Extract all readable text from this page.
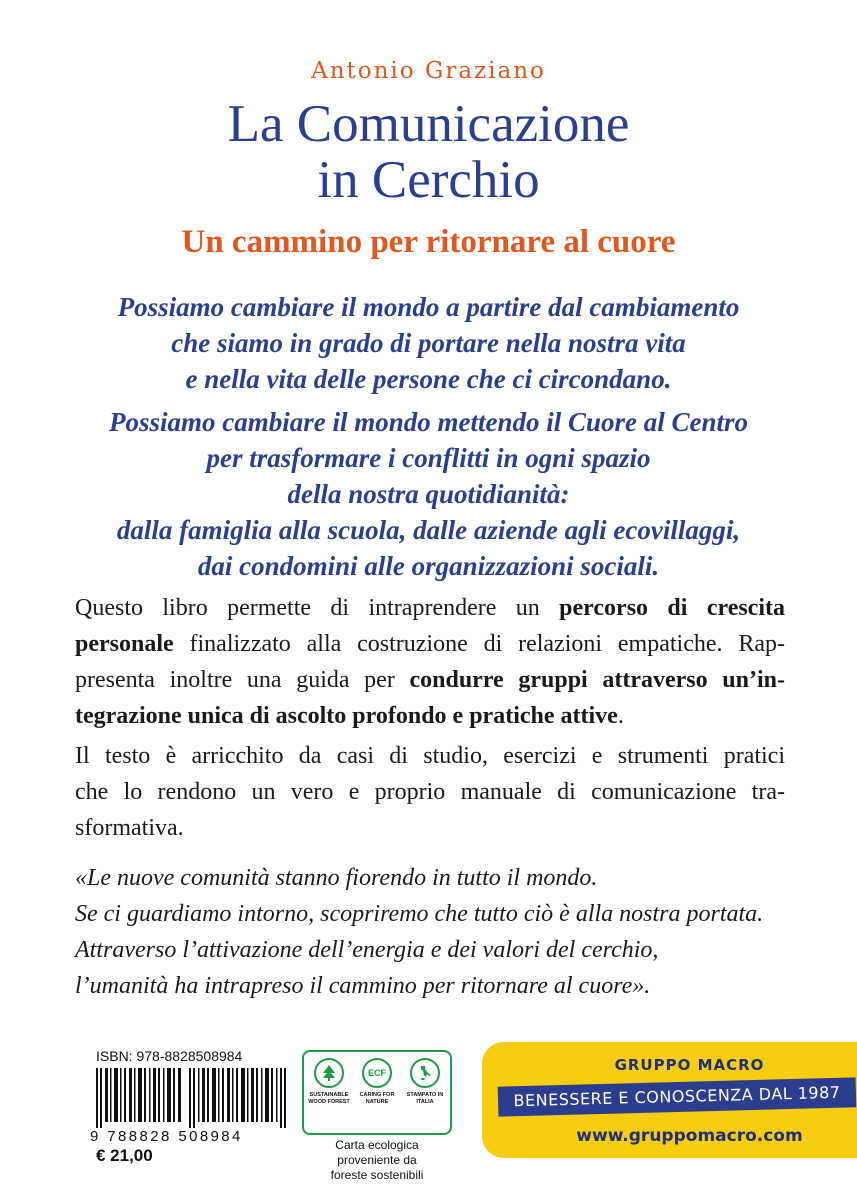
Antonio Graziano
La Comunicazione
in Cerchio
Un cammino per ritornare al cuore
Possiamo cambiare il mondo a partire dal cambiamento
che siamo in grado di portare nella nostra vita
e nella vita delle persone che ci circondano.
Possiamo cambiare il mondo mettendo il Cuore al Centro
per trasformare i conflitti in ogni spazio
della nostra quotidianità:
dalla famiglia alla scuola, dalle aziende agli ecovillaggi,
dai condomini alle organizzazioni sociali.
Questo libro permette di intraprendere un percorso di crescita
personale finalizzato alla costruzione di relazioni empatiche. Rap-
presenta inoltre una guida per condurre gruppi attraverso un’in-
tegrazione unica di ascolto profondo e pratiche attive.
Il testo è arricchito da casi di studio, esercizi e strumenti pratici
che lo rendono un vero e proprio manuale di comunicazione tra-
sformativa.
«Le nuove comunità stanno fiorendo in tutto il mondo.
Se ci guardiamo intorno, scopriremo che tutto ciò è alla nostra portata.
Attraverso l’attivazione dell’energia e dei valori del cerchio,
l’umanità ha intrapreso il cammino per ritornare al cuore».
ISBN: 978-8828508984
9 788828 508984
€ 21,00
SUSTAINABLE WOOD FOREST
ECF
CARING FOR NATURE
STAMPATO IN ITALIA
Carta ecologica
proveniente da
foreste sostenibili
GRUPPO MACRO
BENESSERE E CONOSCENZA DAL 1987
www.gruppomacro.com
